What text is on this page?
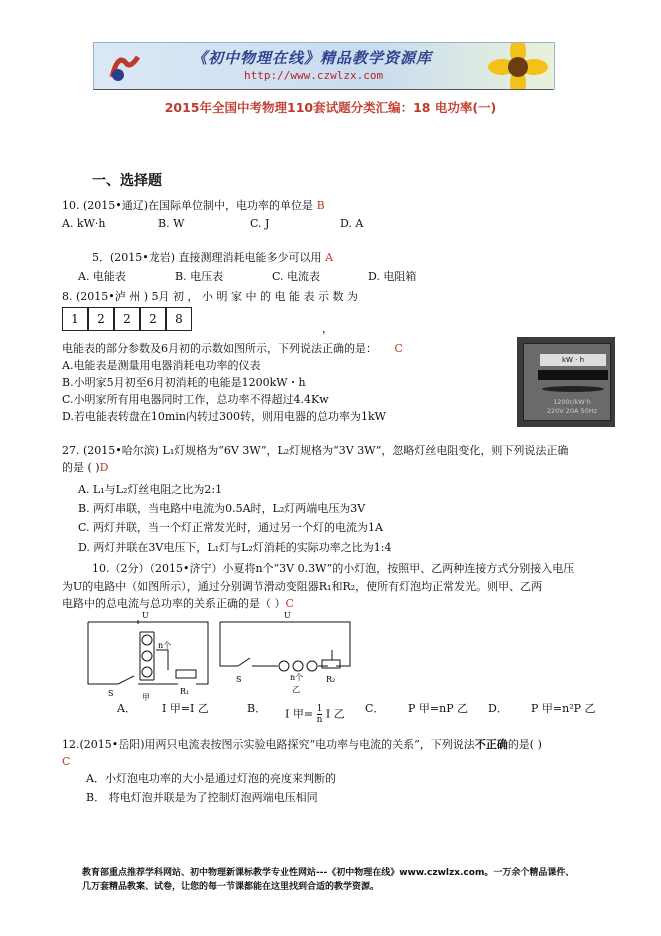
《初中物理在线》精品教学资源库
http://www.czwlzx.com
2015年全国中考物理110套试题分类汇编：18 电功率(一)
一、选择题
10. (2015•通辽)在国际单位制中，电功率的单位是 B
A. kW·h	B. W	C. J	D. A
5．(2015•龙岩) 直接测理消耗电能多少可以用 A
A. 电能表	B. 电压表	C. 电流表	D. 电阻箱
8. (2015•泸 州 ) 5月 初 ， 小 明 家 中 的 电 能 表 示 数 为
1	2	2	2	8
，
电能表的部分参数及6月初的示数如图所示，下列说法正确的是： C
A.电能表是测量用电器消耗电功率的仪表
B.小明家5月初至6月初消耗的电能是1200kW・h
C.小明家所有用电器同时工作，总功率不得超过4.4Kw
D.若电能表转盘在10min内转过300转，则用电器的总功率为1kW
kW · h
1200r/kW·h
220V 20A 50Hz
27. (2015•哈尔滨) L₁灯规格为“6V 3W”，L₂灯规格为“3V 3W”，忽略灯丝电阻变化，则下列说法正确
的是 ( )D
A. L₁与L₂灯丝电阻之比为2:1
B. 两灯串联，当电路中电流为0.5A时，L₂灯两端电压为3V
C. 两灯并联，当一个灯正常发光时，通过另一个灯的电流为1A
D. 两灯并联在3V电压下，L₁灯与L₂灯消耗的实际功率之比为1:4
10.（2分）（2015•济宁）小夏将n个“3V 0.3W”的小灯泡，按照甲、乙两种连接方式分别接入电压
为U的电路中（如图所示），通过分别调节滑动变阻器R₁和R₂，使所有灯泡均正常发光。则甲、乙两
电路中的总电流与总功率的关系正确的是（ ）C
U
S
n个
R₁
甲
U
S	n个	R₂
乙
A． I 甲=I 乙	B． I 甲= $\frac{1}{n}$ I 乙 C． P 甲=nP 乙 D． P 甲=n²P 乙
12.(2015•岳阳)用两只电流表按图示实验电路探究“电功率与电流的关系”，下列说法不正确的是( )
C
A．小灯泡电功率的大小是通过灯泡的亮度来判断的
B． 将电灯泡并联是为了控制灯泡两端电压相同
教育部重点推荐学科网站、初中物理新课标教学专业性网站---《初中物理在线》www.czwlzx.com。一万余个精品课件、
几万套精品教案、试卷，让您的每一节课都能在这里找到合适的教学资源。
